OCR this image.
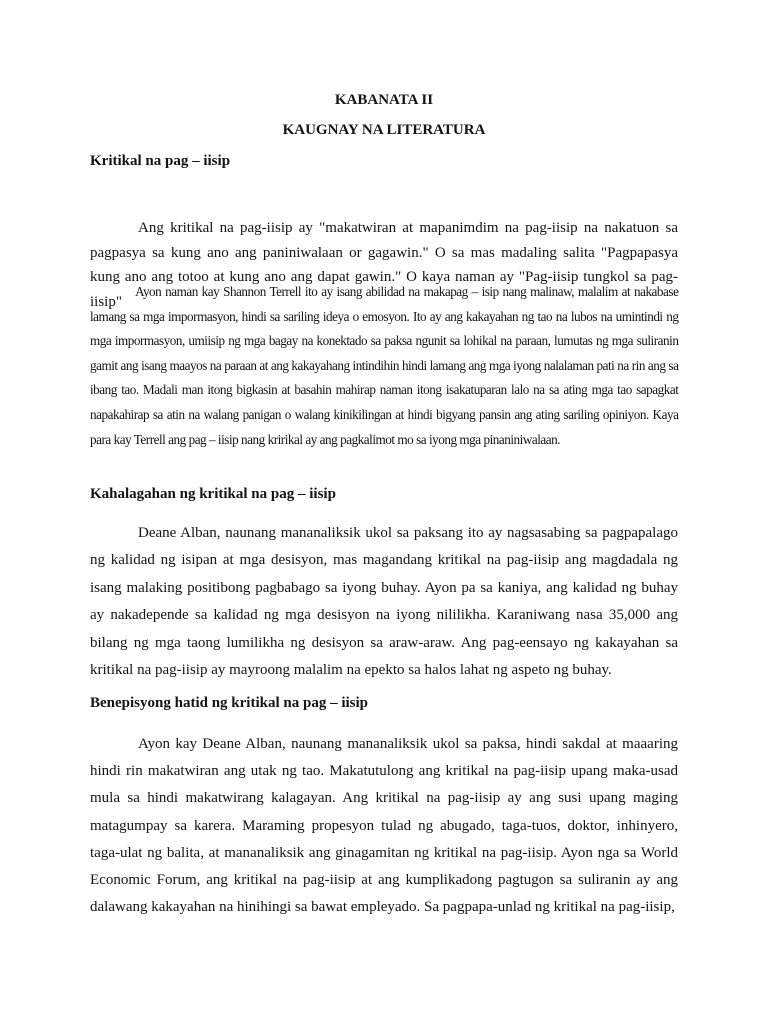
KABANATA II

KAUGNAY NA LITERATURA

Kritikal na pag – iisip

Ang kritikal na pag-iisip ay "makatwiran at mapanimdim na pag-iisip na nakatuon sa pagpasya sa kung ano ang paniniwalaan or gagawin." O sa mas madaling salita "Pagpapasya kung ano ang totoo at kung ano ang dapat gawin." O kaya naman ay "Pag-iisip tungkol sa pag-iisip"

Ayon naman kay Shannon Terrell ito ay isang abilidad na makapag – isip nang malinaw, malalim at nakabase lamang sa mga impormasyon, hindi sa sariling ideya o emosyon. Ito ay ang kakayahan ng tao na lubos na umintindi ng mga impormasyon, umiisip ng mga bagay na konektado sa paksa ngunit sa lohikal na paraan, lumutas ng mga suliranin gamit ang isang maayos na paraan at ang kakayahang intindihin hindi lamang ang mga iyong nalalaman pati na rin ang sa ibang tao. Madali man itong bigkasin at basahin mahirap naman itong isakatuparan lalo na sa ating mga tao sapagkat napakahirap sa atin na walang panigan o walang kinikilingan at hindi bigyang pansin ang ating sariling opiniyon. Kaya para kay Terrell ang pag – iisip nang kririkal ay ang pagkalimot mo sa iyong mga pinaniniwalaan.

Kahalagahan ng kritikal na pag – iisip

Deane Alban, naunang mananaliksik ukol sa paksang ito ay nagsasabing sa pagpapalago ng kalidad ng isipan at mga desisyon, mas magandang kritikal na pag-iisip ang magdadala ng isang malaking positibong pagbabago sa iyong buhay. Ayon pa sa kaniya, ang kalidad ng buhay ay nakadepende sa kalidad ng mga desisyon na iyong nililikha. Karaniwang nasa 35,000 ang bilang ng mga taong lumilikha ng desisyon sa araw-araw. Ang pag-eensayo ng kakayahan sa kritikal na pag-iisip ay mayroong malalim na epekto sa halos lahat ng aspeto ng buhay.

Benepisyong hatid ng kritikal na pag – iisip

Ayon kay Deane Alban, naunang mananaliksik ukol sa paksa, hindi sakdal at maaaring hindi rin makatwiran ang utak ng tao. Makatutulong ang kritikal na pag-iisip upang maka-usad mula sa hindi makatwirang kalagayan. Ang kritikal na pag-iisip ay ang susi upang maging matagumpay sa karera. Maraming propesyon tulad ng abugado, taga-tuos, doktor, inhinyero, taga-ulat ng balita, at mananaliksik ang ginagamitan ng kritikal na pag-iisip. Ayon nga sa World Economic Forum, ang kritikal na pag-iisip at ang kumplikadong pagtugon sa suliranin ay ang dalawang kakayahan na hinihingi sa bawat empleyado. Sa pagpapa-unlad ng kritikal na pag-iisip,
